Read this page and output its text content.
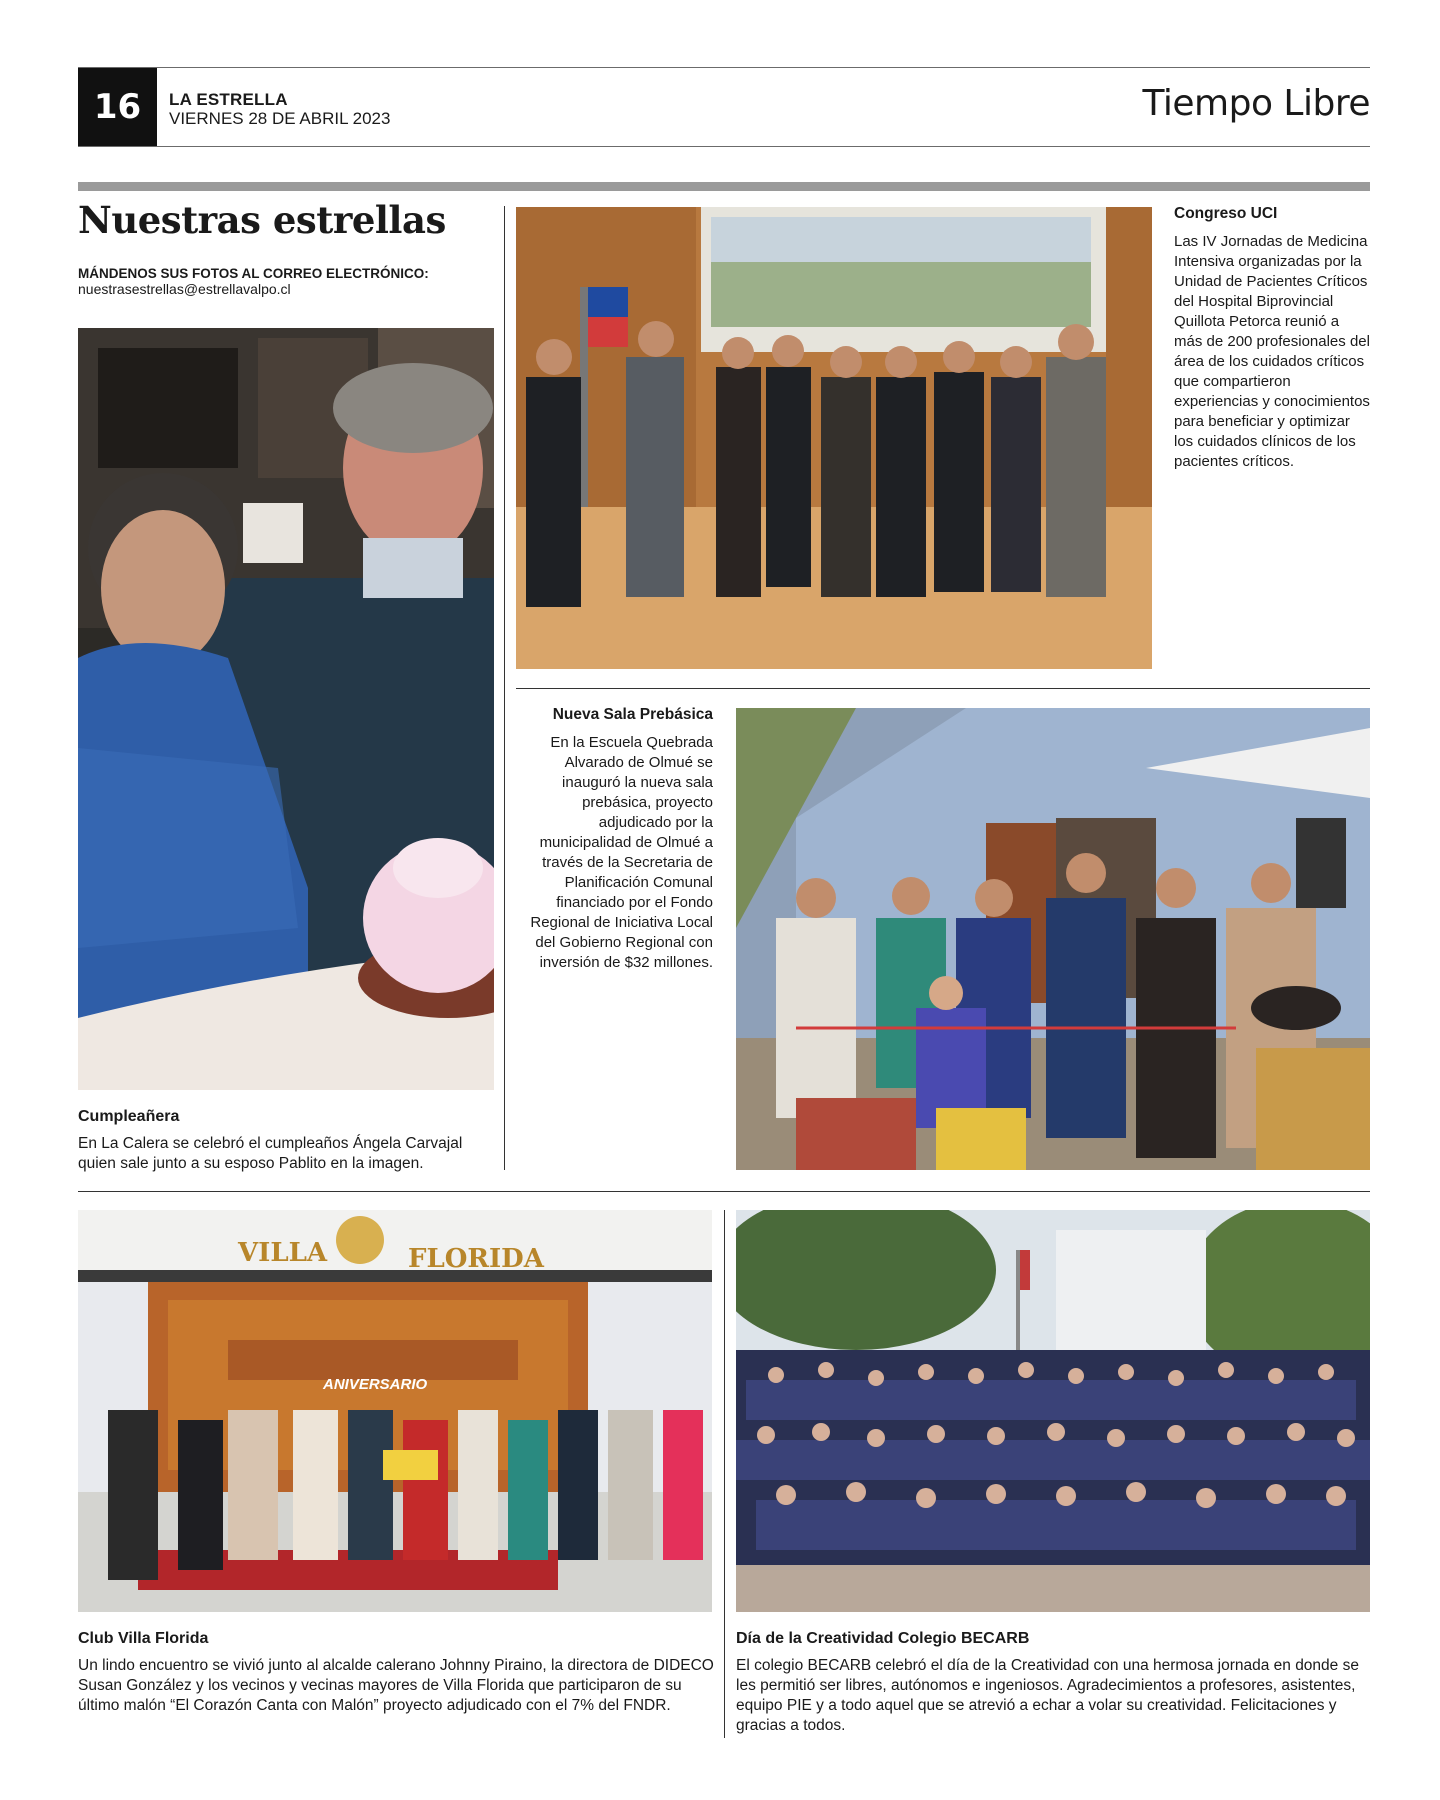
16	LA ESTRELLA
VIERNES 28 DE ABRIL 2023	Tiempo Libre
Nuestras estrellas
MÁNDENOS SUS FOTOS AL CORREO ELECTRÓNICO:
nuestrasestrellas@estrellavalpo.cl
Cumpleañera
En La Calera se celebró el cumpleaños Ángela Carvajal quien sale junto a su esposo Pablito en la imagen.
Congreso UCI
Las IV Jornadas de Medicina Intensiva organizadas por la Unidad de Pacientes Críticos del Hospital Biprovincial Quillota Petorca reunió a más de 200 profesionales del área de los cuidados críticos que compartieron experiencias y conocimientos para beneficiar y optimizar los cuidados clínicos de los pacientes críticos.
Nueva Sala Prebásica
En la Escuela Quebrada Alvarado de Olmué se inauguró la nueva sala prebásica, proyecto adjudicado por la municipalidad de Olmué a través de la Secretaria de Planificación Comunal financiado por el Fondo Regional de Iniciativa Local del Gobierno Regional con inversión de $32 millones.
VILLA	FLORIDA
ANIVERSARIO
Club Villa Florida
Un lindo encuentro se vivió junto al alcalde calerano Johnny Piraino, la directora de DIDECO Susan González y los vecinos y vecinas mayores de Villa Florida que participaron de su último malón “El Corazón Canta con Malón” proyecto adjudicado con el 7% del FNDR.
Día de la Creatividad Colegio BECARB
El colegio BECARB celebró el día de la Creatividad con una hermosa jornada en donde se les permitió ser libres, autónomos e ingeniosos. Agradecimientos a profesores, asistentes, equipo PIE y a todo aquel que se atrevió a echar a volar su creatividad. Felicitaciones y gracias a todos.
